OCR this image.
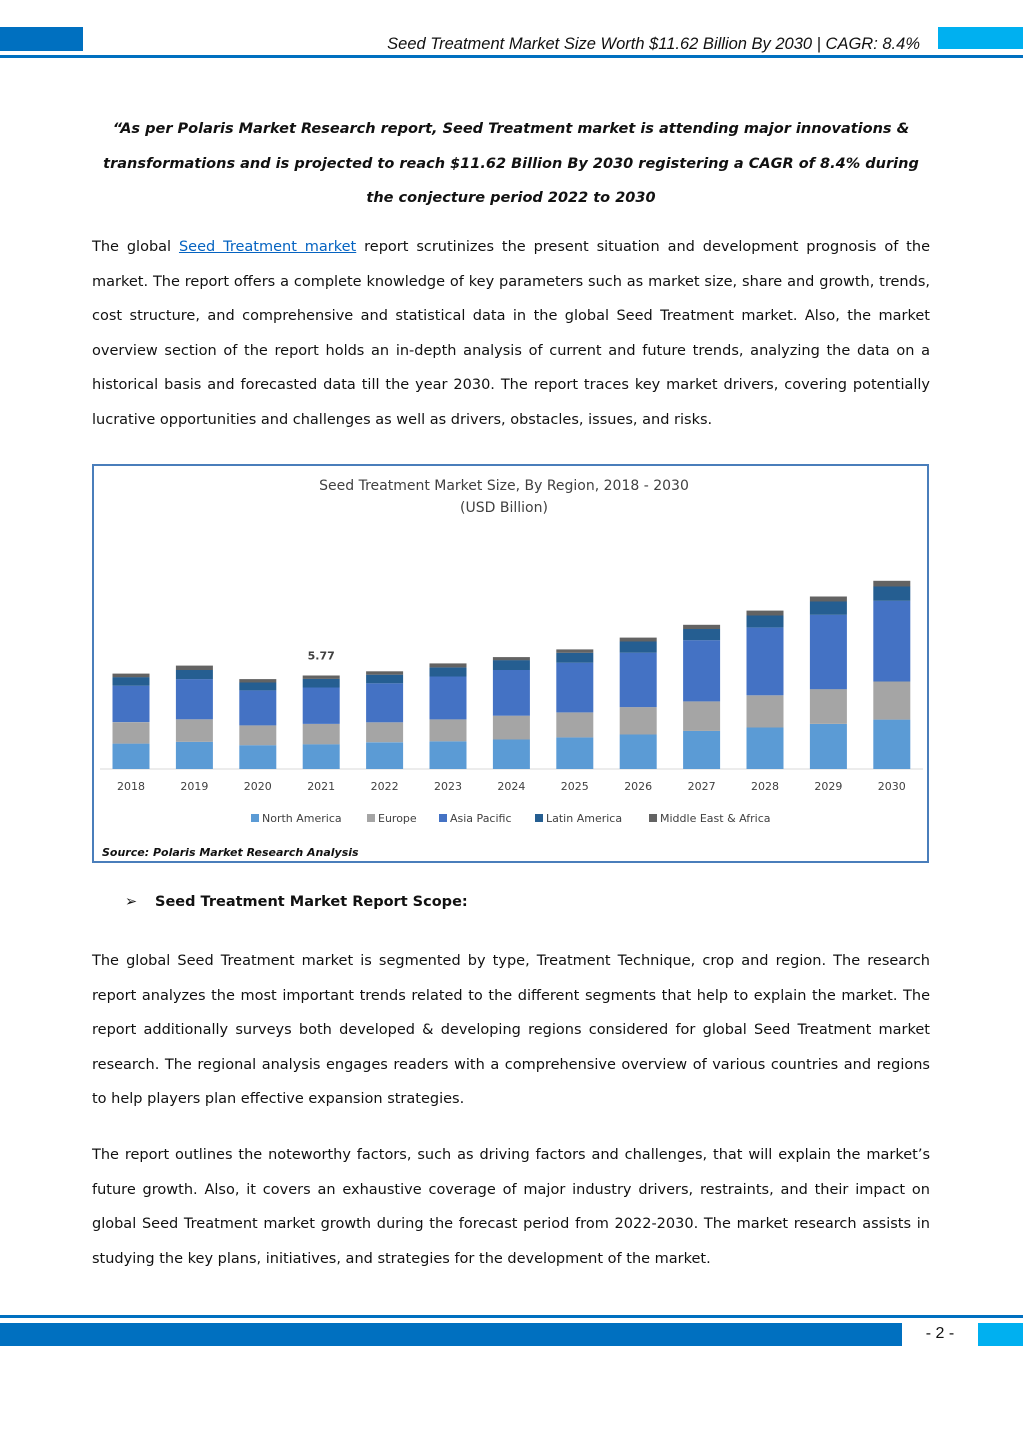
Seed Treatment Market Size Worth $11.62 Billion By 2030 | CAGR: 8.4%

“As per Polaris Market Research report, Seed Treatment market is attending major innovations & transformations and is projected to reach $11.62 Billion By 2030 registering a CAGR of 8.4% during the conjecture period 2022 to 2030

The global Seed Treatment market report scrutinizes the present situation and development prognosis of the market. The report offers a complete knowledge of key parameters such as market size, share and growth, trends, cost structure, and comprehensive and statistical data in the global Seed Treatment market. Also, the market overview section of the report holds an in-depth analysis of current and future trends, analyzing the data on a historical basis and forecasted data till the year 2030. The report traces key market drivers, covering potentially lucrative opportunities and challenges as well as drivers, obstacles, issues, and risks.

Seed Treatment Market Size, By Region, 2018 - 2030
(USD Billion)
2018	2019	2020	2021	2022	2023	2024	2025	2026	2027	2028	2029	2030
5.77
North America	Europe	Asia Pacific	Latin America	Middle East & Africa
Source: Polaris Market Research Analysis
➢ Seed Treatment Market Report Scope:

The global Seed Treatment market is segmented by type, Treatment Technique, crop and region. The research report analyzes the most important trends related to the different segments that help to explain the market. The report additionally surveys both developed & developing regions considered for global Seed Treatment market research. The regional analysis engages readers with a comprehensive overview of various countries and regions to help players plan effective expansion strategies.

The report outlines the noteworthy factors, such as driving factors and challenges, that will explain the market’s future growth. Also, it covers an exhaustive coverage of major industry drivers, restraints, and their impact on global Seed Treatment market growth during the forecast period from 2022-2030. The market research assists in studying the key plans, initiatives, and strategies for the development of the market.

- 2 -
